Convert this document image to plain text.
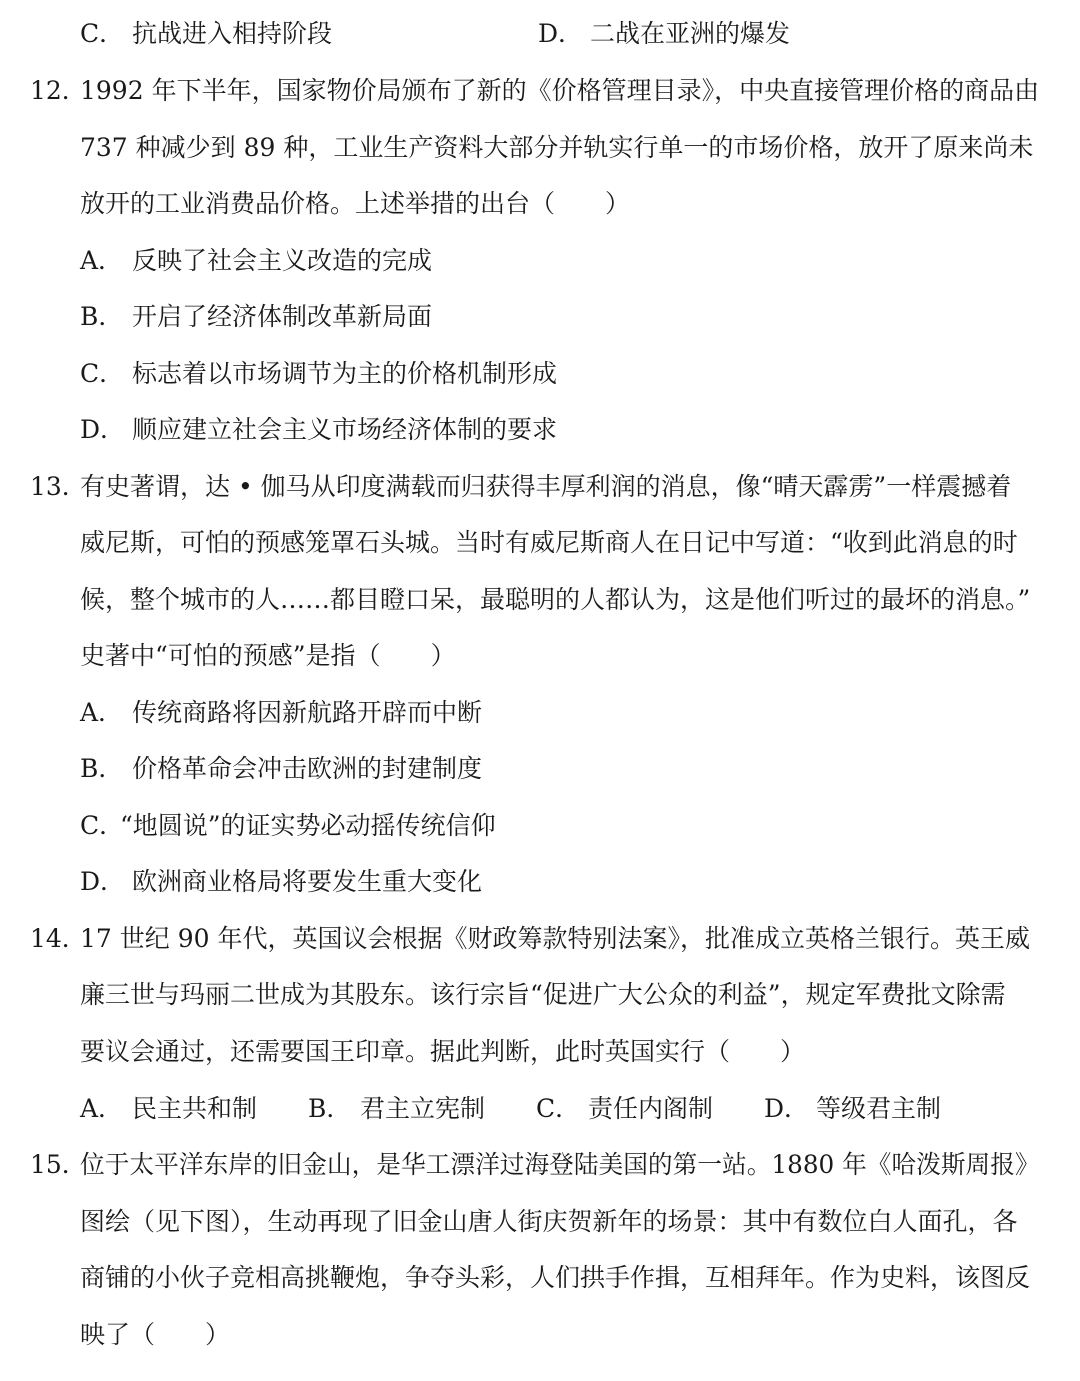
C． 抗战进入相持阶段	D． 二战在亚洲的爆发
12．
1992 年下半年，国家物价局颁布了新的《价格管理目录》，中央直接管理价格的商品由
737 种减少到 89 种，工业生产资料大部分并轨实行单一的市场价格，放开了原来尚未
放开的工业消费品价格。上述举措的出台（　　）
A． 反映了社会主义改造的完成
B． 开启了经济体制改革新局面
C． 标志着以市场调节为主的价格机制形成
D． 顺应建立社会主义市场经济体制的要求
13．
有史著谓，达 • 伽马从印度满载而归获得丰厚利润的消息，像“晴天霹雳”一样震撼着
威尼斯，可怕的预感笼罩石头城。当时有威尼斯商人在日记中写道：“收到此消息的时
候，整个城市的人……都目瞪口呆，最聪明的人都认为，这是他们听过的最坏的消息。”
史著中“可怕的预感”是指（　　）
A． 传统商路将因新航路开辟而中断
B． 价格革命会冲击欧洲的封建制度
C．“地圆说”的证实势必动摇传统信仰
D． 欧洲商业格局将要发生重大变化
14．
17 世纪 90 年代，英国议会根据《财政筹款特别法案》，批准成立英格兰银行。英王威
廉三世与玛丽二世成为其股东。该行宗旨“促进广大公众的利益”，规定军费批文除需
要议会通过，还需要国王印章。据此判断，此时英国实行（　　）
A． 民主共和制 B． 君主立宪制 C． 责任内阁制 D． 等级君主制
15．
位于太平洋东岸的旧金山，是华工漂洋过海登陆美国的第一站。1880 年《哈泼斯周报》
图绘（见下图），生动再现了旧金山唐人街庆贺新年的场景：其中有数位白人面孔，各
商铺的小伙子竞相高挑鞭炮，争夺头彩，人们拱手作揖，互相拜年。作为史料，该图反
映了（　　）
